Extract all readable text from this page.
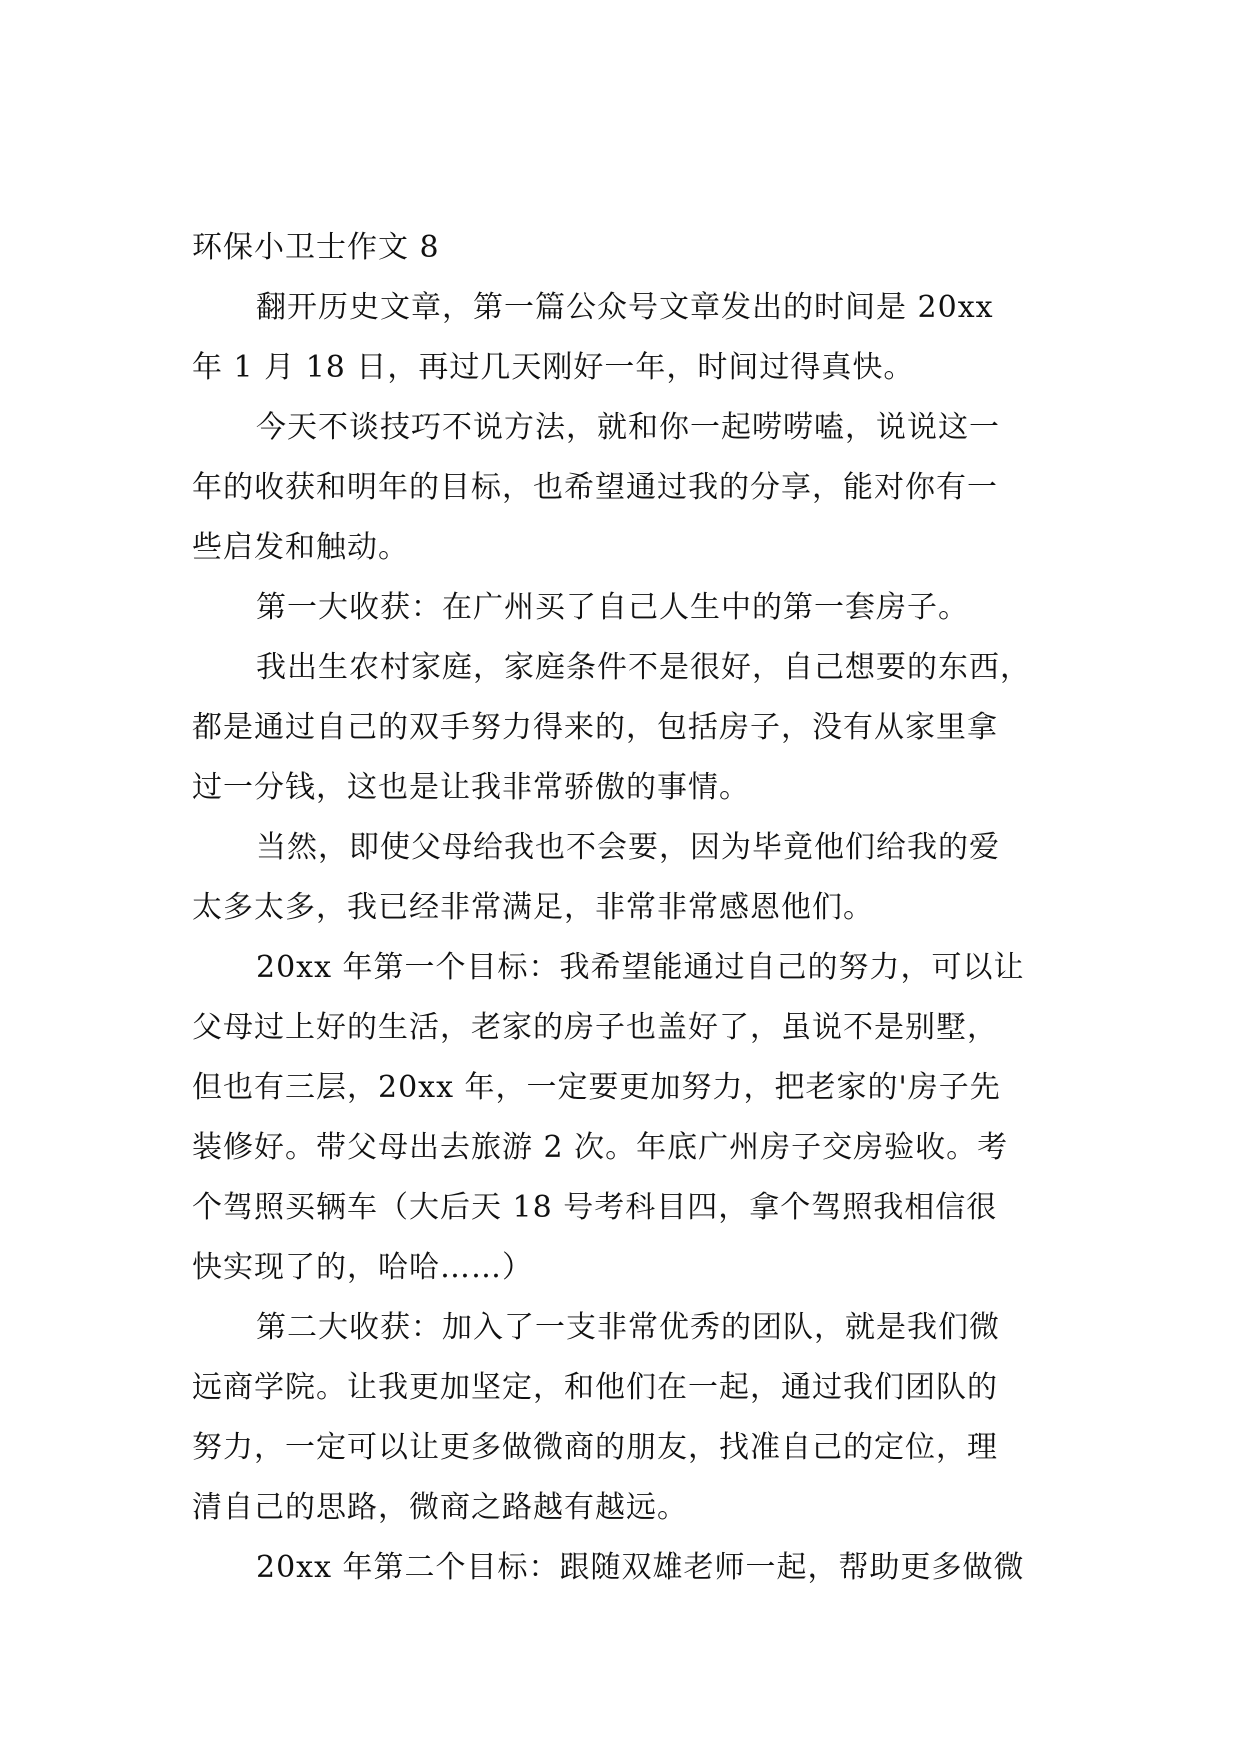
环保小卫士作文 8
翻开历史文章，第一篇公众号文章发出的时间是 20xx
年 1 月 18 日，再过几天刚好一年，时间过得真快。
今天不谈技巧不说方法，就和你一起唠唠嗑，说说这一
年的收获和明年的目标，也希望通过我的分享，能对你有一
些启发和触动。
第一大收获：在广州买了自己人生中的第一套房子。
我出生农村家庭，家庭条件不是很好，自己想要的东西，
都是通过自己的双手努力得来的，包括房子，没有从家里拿
过一分钱，这也是让我非常骄傲的事情。
当然，即使父母给我也不会要，因为毕竟他们给我的爱
太多太多，我已经非常满足，非常非常感恩他们。
20xx 年第一个目标：我希望能通过自己的努力，可以让
父母过上好的生活，老家的房子也盖好了，虽说不是别墅，
但也有三层，20xx 年，一定要更加努力，把老家的'房子先
装修好。带父母出去旅游 2 次。年底广州房子交房验收。考
个驾照买辆车（大后天 18 号考科目四，拿个驾照我相信很
快实现了的，哈哈……）
第二大收获：加入了一支非常优秀的团队，就是我们微
远商学院。让我更加坚定，和他们在一起，通过我们团队的
努力，一定可以让更多做微商的朋友，找准自己的定位，理
清自己的思路，微商之路越有越远。
20xx 年第二个目标：跟随双雄老师一起，帮助更多做微
